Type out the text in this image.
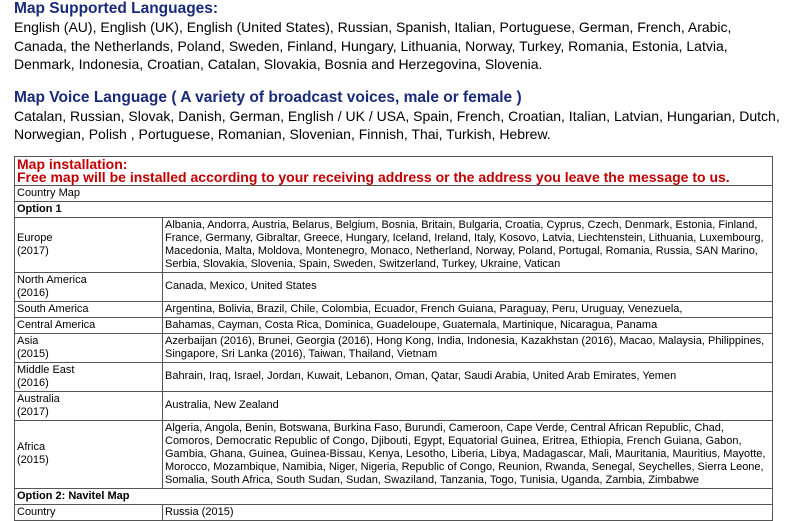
Map Supported Languages:

English (AU), English (UK), English (United States), Russian, Spanish, Italian, Portuguese, German, French, Arabic, Canada, the Netherlands, Poland, Sweden, Finland, Hungary, Lithuania, Norway, Turkey, Romania, Estonia, Latvia, Denmark, Indonesia, Croatian, Catalan, Slovakia, Bosnia and Herzegovina, Slovenia.

Map Voice Language ( A variety of broadcast voices, male or female )

Catalan, Russian, Slovak, Danish, German, English / UK / USA, Spain, French, Croatian, Italian, Latvian, Hungarian, Dutch, Norwegian, Polish , Portuguese, Romanian, Slovenian, Finnish, Thai, Turkish, Hebrew.

Map installation:
Free map will be installed according to your receiving address or the address you leave the message to us.	

Country Map	
Option 1	

Europe
(2017)	Albania, Andorra, Austria, Belarus, Belgium, Bosnia, Britain, Bulgaria, Croatia, Cyprus, Czech, Denmark, Estonia, Finland, France, Germany, Gibraltar, Greece, Hungary, Iceland, Ireland, Italy, Kosovo, Latvia, Liechtenstein, Lithuania, Luxembourg, Macedonia, Malta, Moldova, Montenegro, Monaco, Netherland, Norway, Poland, Portugal, Romania, Russia, SAN Marino, Serbia, Slovakia, Slovenia, Spain, Sweden, Switzerland, Turkey, Ukraine, Vatican

North America
(2016)	Canada, Mexico, United States

South America	Argentina, Bolivia, Brazil, Chile, Colombia, Ecuador, French Guiana, Paraguay, Peru, Uruguay, Venezuela,

Central America	Bahamas, Cayman, Costa Rica, Dominica, Guadeloupe, Guatemala, Martinique, Nicaragua, Panama

Asia
(2015)	Azerbaijan (2016), Brunei, Georgia (2016), Hong Kong, India, Indonesia, Kazakhstan (2016), Macao, Malaysia, Philippines, Singapore, Sri Lanka (2016), Taiwan, Thailand, Vietnam

Middle East
(2016)	Bahrain, Iraq, Israel, Jordan, Kuwait, Lebanon, Oman, Qatar, Saudi Arabia, United Arab Emirates, Yemen

Australia
(2017)	Australia, New Zealand

Africa
(2015)	Algeria, Angola, Benin, Botswana, Burkina Faso, Burundi, Cameroon, Cape Verde, Central African Republic, Chad, Comoros, Democratic Republic of Congo, Djibouti, Egypt, Equatorial Guinea, Eritrea, Ethiopia, French Guiana, Gabon, Gambia, Ghana, Guinea, Guinea-Bissau, Kenya, Lesotho, Liberia, Libya, Madagascar, Mali, Mauritania, Mauritius, Mayotte, Morocco, Mozambique, Namibia, Niger, Nigeria, Republic of Congo, Reunion, Rwanda, Senegal, Seychelles, Sierra Leone, Somalia, South Africa, South Sudan, Sudan, Swaziland, Tanzania, Togo, Tunisia, Uganda, Zambia, Zimbabwe
Option 2: Navitel Map	
Country	Russia (2015)
